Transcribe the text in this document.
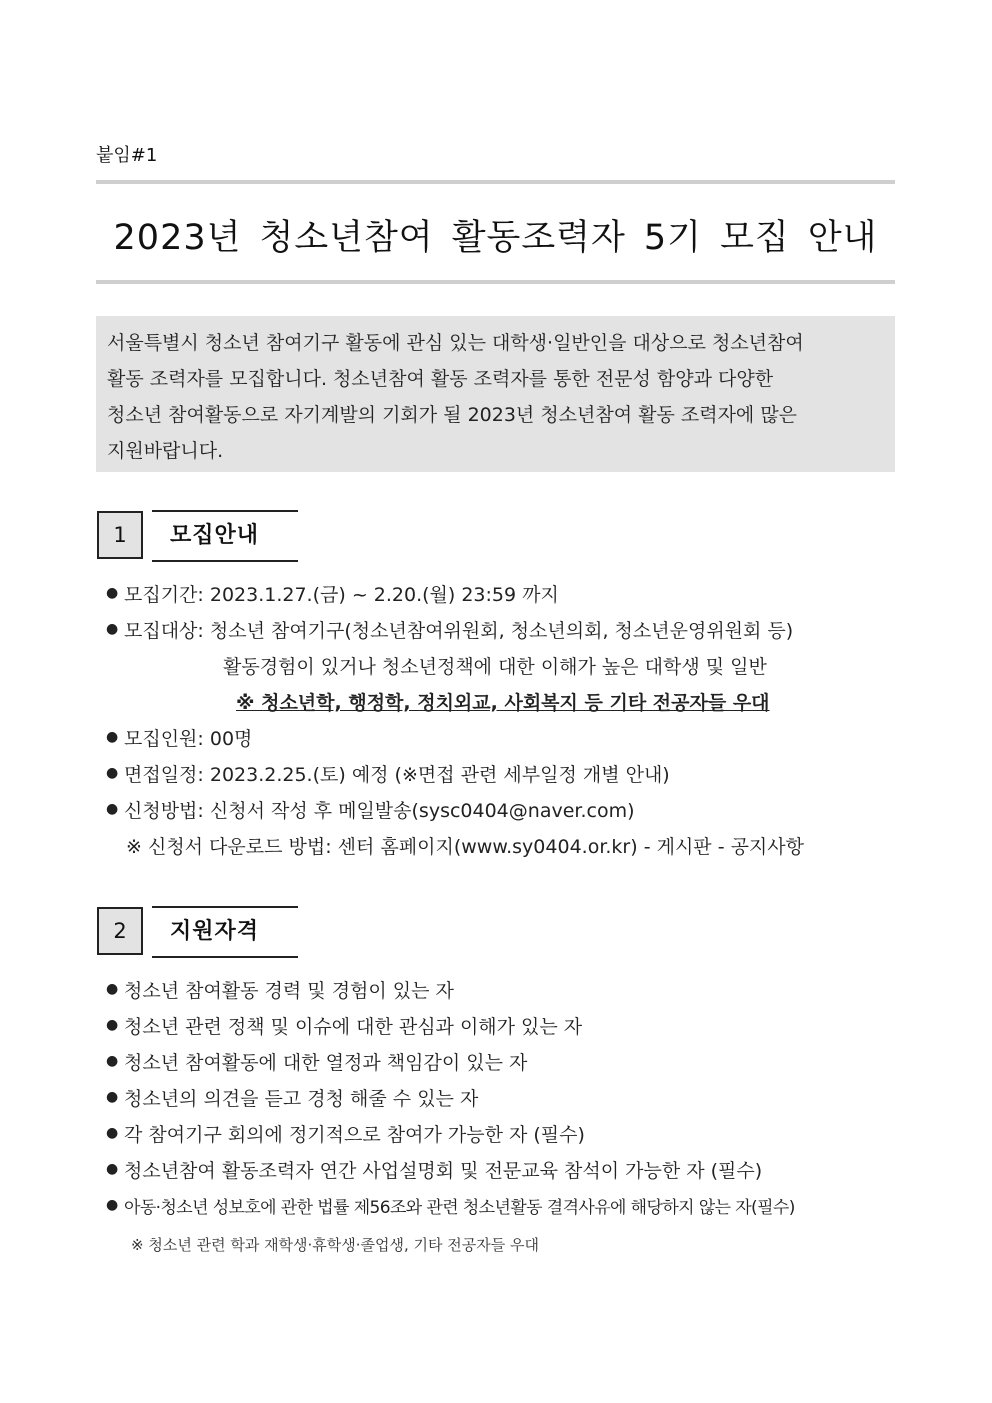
붙임#1
2023년 청소년참여 활동조력자 5기 모집 안내
서울특별시 청소년 참여기구 활동에 관심 있는 대학생·일반인을 대상으로 청소년참여
활동 조력자를 모집합니다. 청소년참여 활동 조력자를 통한 전문성 함양과 다양한
청소년 참여활동으로 자기계발의 기회가 될 2023년 청소년참여 활동 조력자에 많은
지원바랍니다.
1	모집안내
● 모집기간: 2023.1.27.(금) ~ 2.20.(월) 23:59 까지
● 모집대상: 청소년 참여기구(청소년참여위원회, 청소년의회, 청소년운영위원회 등)
활동경험이 있거나 청소년정책에 대한 이해가 높은 대학생 및 일반
※ 청소년학, 행정학, 정치외교, 사회복지 등 기타 전공자들 우대
● 모집인원: 00명
● 면접일정: 2023.2.25.(토) 예정 (※면접 관련 세부일정 개별 안내)
● 신청방법: 신청서 작성 후 메일발송(sysc0404@naver.com)
※ 신청서 다운로드 방법: 센터 홈페이지(www.sy0404.or.kr) - 게시판 - 공지사항
2	지원자격
● 청소년 참여활동 경력 및 경험이 있는 자
● 청소년 관련 정책 및 이슈에 대한 관심과 이해가 있는 자
● 청소년 참여활동에 대한 열정과 책임감이 있는 자
● 청소년의 의견을 듣고 경청 해줄 수 있는 자
● 각 참여기구 회의에 정기적으로 참여가 가능한 자 (필수)
● 청소년참여 활동조력자 연간 사업설명회 및 전문교육 참석이 가능한 자 (필수)
● 아동·청소년 성보호에 관한 법률 제56조와 관련 청소년활동 결격사유에 해당하지 않는 자(필수)
※ 청소년 관련 학과 재학생·휴학생·졸업생, 기타 전공자들 우대
